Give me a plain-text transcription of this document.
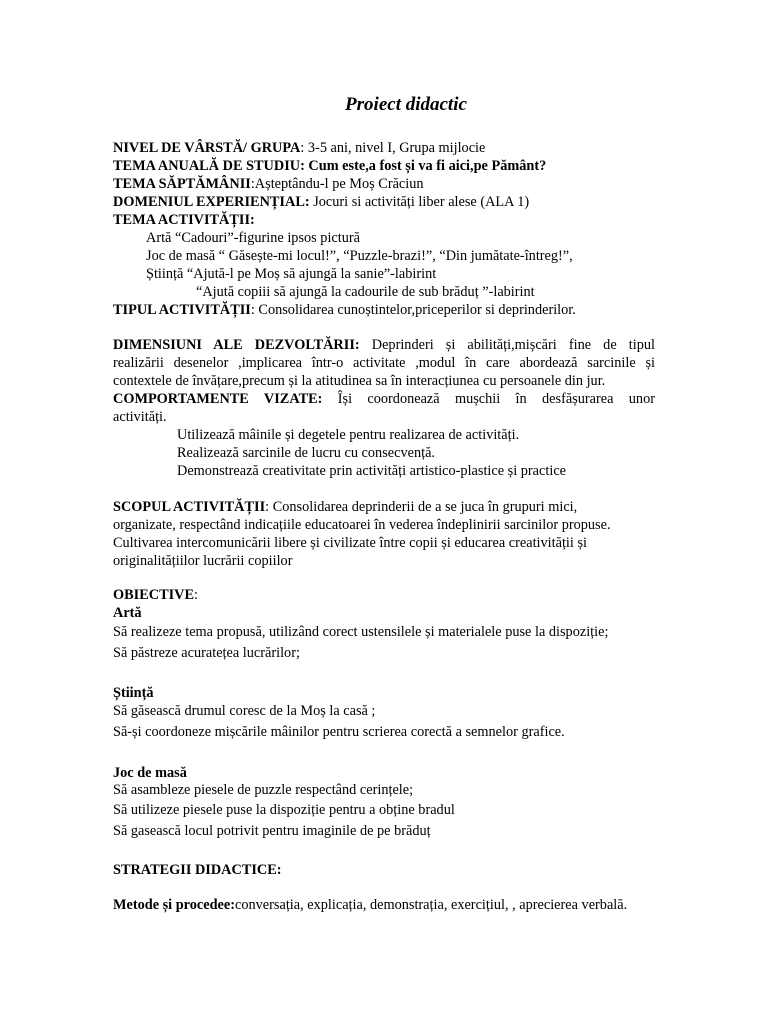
Proiect didactic
NIVEL DE VÂRSTĂ/ GRUPA: 3-5 ani, nivel I, Grupa mijlocie
TEMA ANUALĂ DE STUDIU: Cum este,a fost și va fi aici,pe Pământ?
TEMA SĂPTĂMÂNII:Așteptându-l pe Moș Crăciun
DOMENIUL EXPERIENȚIAL: Jocuri si activități liber alese (ALA 1)
TEMA ACTIVITĂȚII:
Artă “Cadouri”-figurine ipsos pictură
Joc de masă “ Găsește-mi locul!”, “Puzzle-brazi!”, “Din jumătate-întreg!”,
Știință “Ajută-l pe Moș să ajungă la sanie”-labirint
“Ajută copiii să ajungă la cadourile de sub brăduț ”-labirint
TIPUL ACTIVITĂȚII: Consolidarea cunoștintelor,priceperilor si deprinderilor.
DIMENSIUNI ALE DEZVOLTĂRII: Deprinderi și abilități,mișcări fine de tipul
realizării desenelor ,implicarea într-o activitate ,modul în care abordează sarcinile și
contextele de învățare,precum și la atitudinea sa în interacțiunea cu persoanele din jur.
COMPORTAMENTE VIZATE: Își coordonează mușchii în desfășurarea unor
activități.
Utilizează mâinile și degetele pentru realizarea de activități.
Realizează sarcinile de lucru cu consecvență.
Demonstrează creativitate prin activități artistico-plastice și practice
SCOPUL ACTIVITĂȚII: Consolidarea deprinderii de a se juca în grupuri mici,
organizate, respectând indicațiile educatoarei în vederea îndeplinirii sarcinilor propuse.
Cultivarea intercomunicării libere și civilizate între copii și educarea creativității și
originalitățiilor lucrării copiilor
OBIECTIVE:
Artă
Să realizeze tema propusă, utilizând corect ustensilele și materialele puse la dispoziție;
Să păstreze acuratețea lucrărilor;
Știință
Să găsească drumul coresc de la Moș la casă ;
Să-și coordoneze mișcările mâinilor pentru scrierea corectă a semnelor grafice.
Joc de masă
Să asambleze piesele de puzzle respectând cerințele;
Să utilizeze piesele puse la dispoziție pentru a obține bradul
Să gasească locul potrivit pentru imaginile de pe brăduț
STRATEGII DIDACTICE:
Metode și procedee:conversația, explicația, demonstrația, exercițiul, , aprecierea verbală.
